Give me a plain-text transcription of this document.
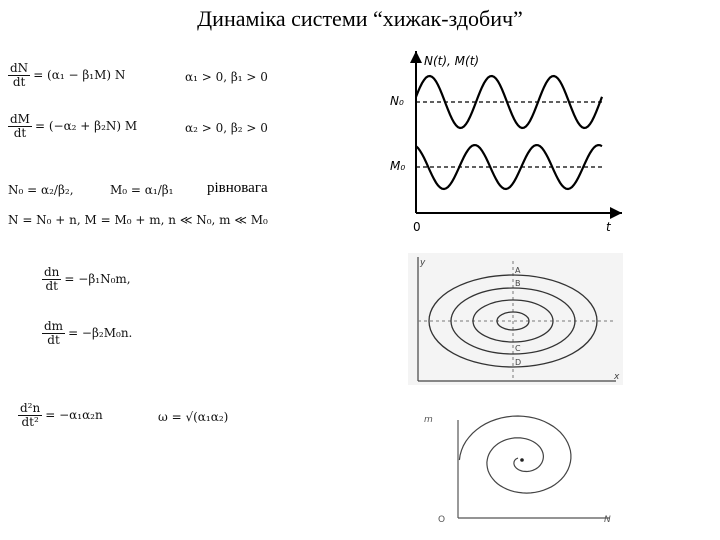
Динаміка системи “хижак-здобич”
$\frac{dN}{dt} = (\alpha_1 - \beta_1M)$ N	α₁ > 0, β₁ > 0
$\frac{dM}{dt} = (-\alpha_2 + \beta_2N)$ M	α₂ > 0, β₂ > 0
N₀ = α₂/β₂,	M₀ = α₁/β₁ рівновага
N = N₀ + n, M = M₀ + m, n ≪ N₀, m ≪ M₀
$\frac{dn}{dt} = -\beta_1N_0m$,
$\frac{dm}{dt} = -\beta_2M_0n$.
$\frac{\text{d²n}}{\text{dt²}} = -\alpha_1\alpha_2n$	ω = √(α₁α₂)
N(t), M(t)
N₀
M₀
0	t
y
x
A
B
C
D
m
N
O
